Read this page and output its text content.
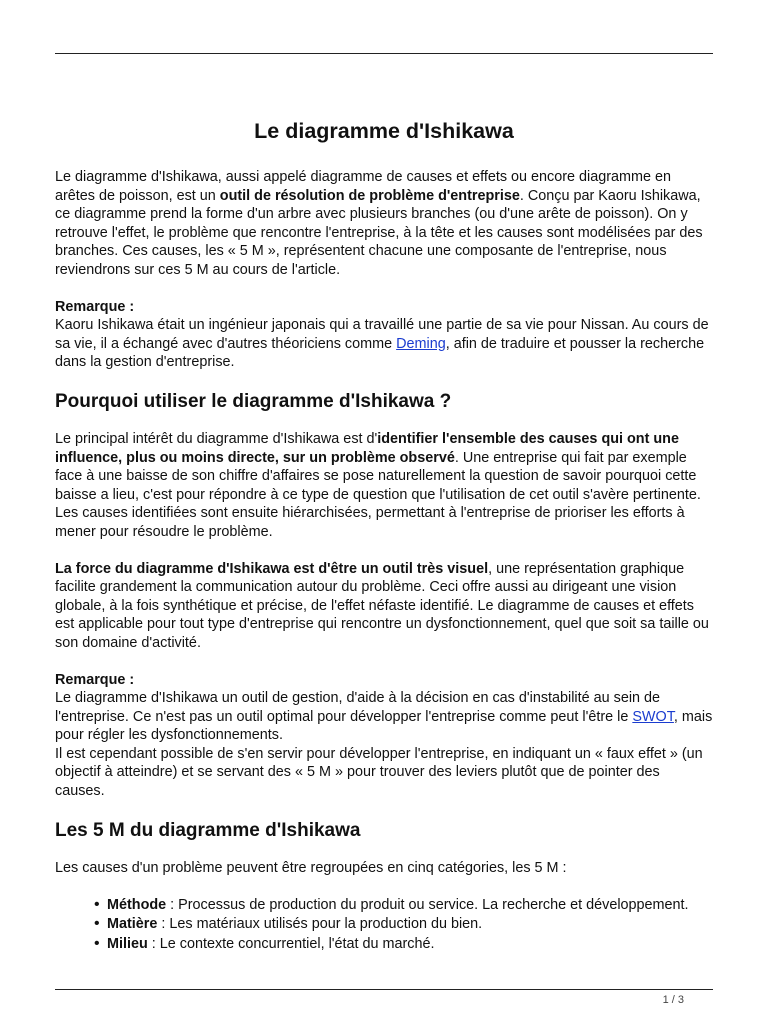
Le diagramme d'Ishikawa

Le diagramme d'Ishikawa, aussi appelé diagramme de causes et effets ou encore diagramme en arêtes de poisson, est un outil de résolution de problème d'entreprise. Conçu par Kaoru Ishikawa, ce diagramme prend la forme d'un arbre avec plusieurs branches (ou d'une arête de poisson). On y retrouve l'effet, le problème que rencontre l'entreprise, à la tête et les causes sont modélisées par des branches. Ces causes, les « 5 M », représentent chacune une composante de l'entreprise, nous reviendrons sur ces 5 M au cours de l'article.

Remarque :

Kaoru Ishikawa était un ingénieur japonais qui a travaillé une partie de sa vie pour Nissan. Au cours de sa vie, il a échangé avec d'autres théoriciens comme Deming, afin de traduire et pousser la recherche dans la gestion d'entreprise.

Pourquoi utiliser le diagramme d'Ishikawa ?

Le principal intérêt du diagramme d'Ishikawa est d'identifier l'ensemble des causes qui ont une influence, plus ou moins directe, sur un problème observé. Une entreprise qui fait par exemple face à une baisse de son chiffre d'affaires se pose naturellement la question de savoir pourquoi cette baisse a lieu, c'est pour répondre à ce type de question que l'utilisation de cet outil s'avère pertinente. Les causes identifiées sont ensuite hiérarchisées, permettant à l'entreprise de prioriser les efforts à mener pour résoudre le problème.

La force du diagramme d'Ishikawa est d'être un outil très visuel, une représentation graphique facilite grandement la communication autour du problème. Ceci offre aussi au dirigeant une vision globale, à la fois synthétique et précise, de l'effet néfaste identifié. Le diagramme de causes et effets est applicable pour tout type d'entreprise qui rencontre un dysfonctionnement, quel que soit sa taille ou son domaine d'activité.

Remarque :

Le diagramme d'Ishikawa un outil de gestion, d'aide à la décision en cas d'instabilité au sein de l'entreprise. Ce n'est pas un outil optimal pour développer l'entreprise comme peut l'être le SWOT, mais pour régler les dysfonctionnements.

Il est cependant possible de s'en servir pour développer l'entreprise, en indiquant un « faux effet » (un objectif à atteindre) et se servant des « 5 M » pour trouver des leviers plutôt que de pointer des causes.

Les 5 M du diagramme d'Ishikawa

Les causes d'un problème peuvent être regroupées en cinq catégories, les 5 M :

• Méthode : Processus de production du produit ou service. La recherche et développement.
• Matière : Les matériaux utilisés pour la production du bien.
• Milieu : Le contexte concurrentiel, l'état du marché.
1 / 3
